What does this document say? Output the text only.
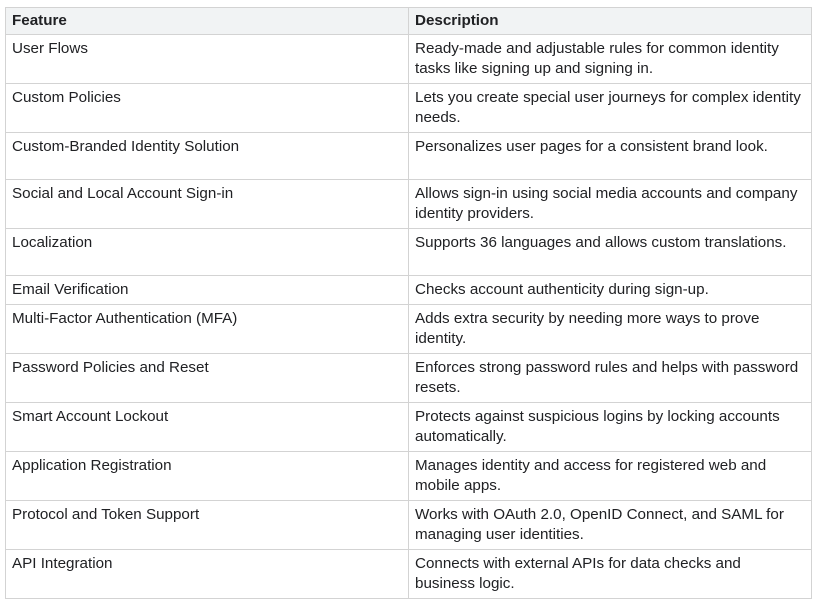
Feature	Description
User Flows	Ready-made and adjustable rules for common identity tasks like signing up and signing in.
Custom Policies	Lets you create special user journeys for complex identity needs.
Custom-Branded Identity Solution	Personalizes user pages for a consistent brand look.
Social and Local Account Sign-in	Allows sign-in using social media accounts and company identity providers.
Localization	Supports 36 languages and allows custom translations.
Email Verification	Checks account authenticity during sign-up.
Multi-Factor Authentication (MFA)	Adds extra security by needing more ways to prove identity.
Password Policies and Reset	Enforces strong password rules and helps with password resets.
Smart Account Lockout	Protects against suspicious logins by locking accounts automatically.
Application Registration	Manages identity and access for registered web and mobile apps.
Protocol and Token Support	Works with OAuth 2.0, OpenID Connect, and SAML for managing user identities.
API Integration	Connects with external APIs for data checks and business logic.
